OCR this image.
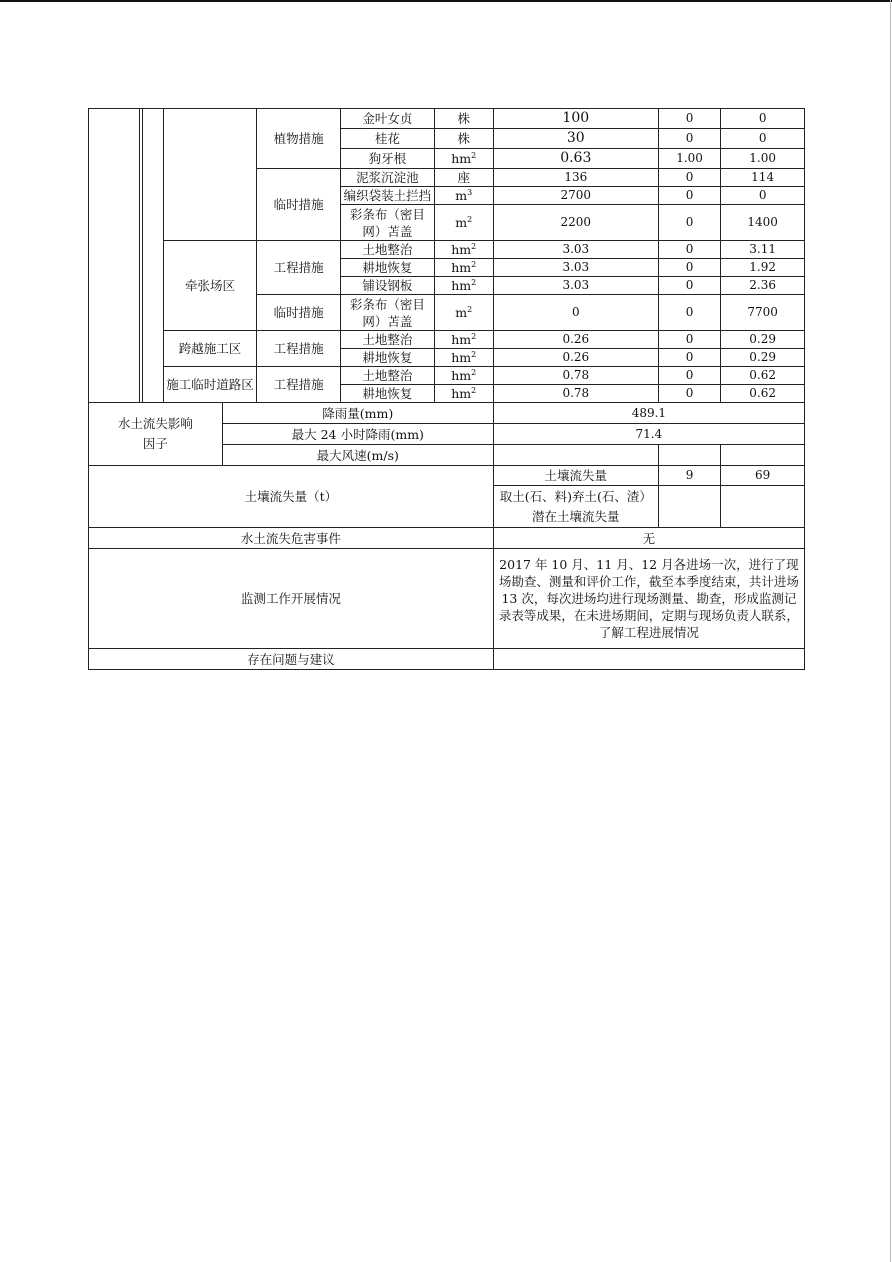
					植物措施	金叶女贞	株	100	0	0
						桂花	株	30	0	0
						狗牙根	$hm^2$	0.63	1.00	1.00
					临时措施	泥浆沉淀池	座	136	0	114
						编织袋装土拦挡	$m^3$	2700	0	0
						彩条布（密目网）苫盖	$m^2$	2200	0	1400
			牵张场区		工程措施	土地整治	$hm^2$	3.03	0	3.11
						耕地恢复	$hm^2$	3.03	0	1.92
						铺设钢板	$hm^2$	3.03	0	2.36
					临时措施	彩条布（密目网）苫盖	$m^2$	0	0	7700
			跨越施工区		工程措施	土地整治	$hm^2$	0.26	0	0.29
						耕地恢复	$hm^2$	0.26	0	0.29
			施工临时道路区		工程措施	土地整治	$hm^2$	0.78	0	0.62
						耕地恢复	$hm^2$	0.78	0	0.62
水土流失影响因子				降雨量(mm)				489.1		
				最大 24 小时降雨(mm)				71.4		
				最大风速(m/s)						
土壤流失量（t）								土壤流失量	9	69
								取土(石、料)弃土(石、渣）潜在土壤流失量		
水土流失危害事件								无		
监测工作开展情况								2017 年 10 月、11 月、12 月各进场一次，进行了现场勘查、测量和评价工作，截至本季度结束，共计进场 13 次，每次进场均进行现场测量、勘查，形成监测记录表等成果，在未进场期间，定期与现场负责人联系，了解工程进展情况		
存在问题与建议										
